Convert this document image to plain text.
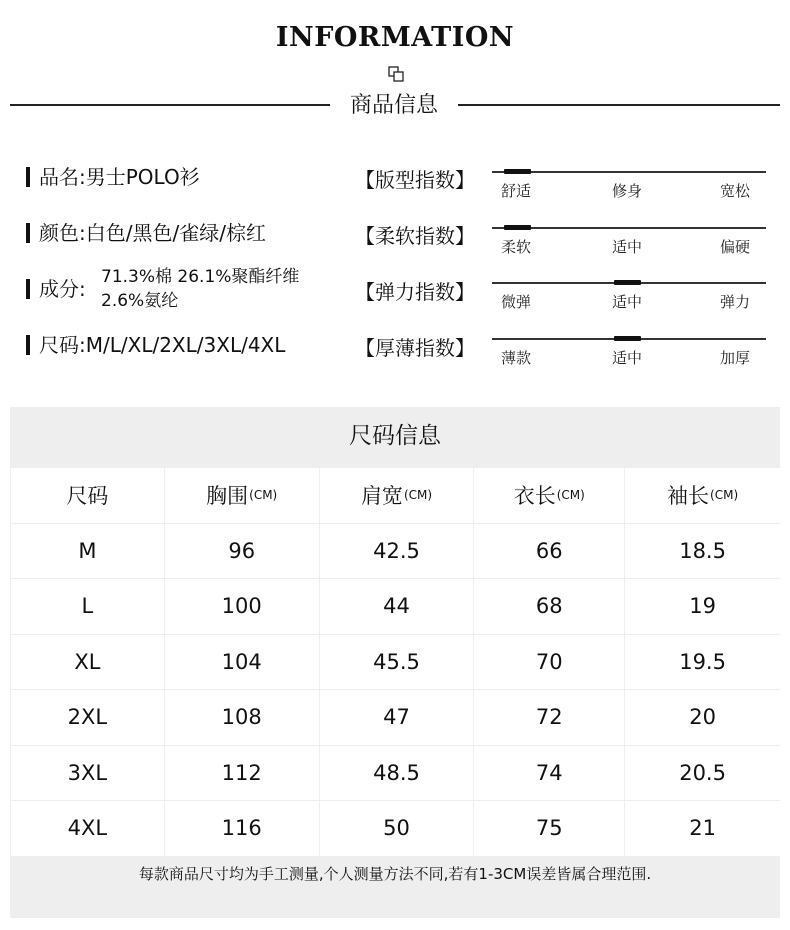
INFORMATION
商品信息
品名:男士POLO衫
颜色:白色/黑色/雀绿/棕红
成分: 71.3%棉 26.1%聚酯纤维
2.6%氨纶
尺码:M/L/XL/2XL/3XL/4XL
【版型指数】
【柔软指数】
【弹力指数】
【厚薄指数】
舒适	修身	宽松
柔软	适中	偏硬
微弹	适中	弹力
薄款	适中	加厚
尺码信息
尺码	胸围 (CM)	肩宽 (CM)	衣长 (CM)	袖长 (CM)
M	96	42.5	66	18.5
L	100	44	68	19
XL	104	45.5	70	19.5
2XL	108	47	72	20
3XL	112	48.5	74	20.5
4XL	116	50	75	21
每款商品尺寸均为手工测量,个人测量方法不同,若有1-3CM误差皆属合理范围.
